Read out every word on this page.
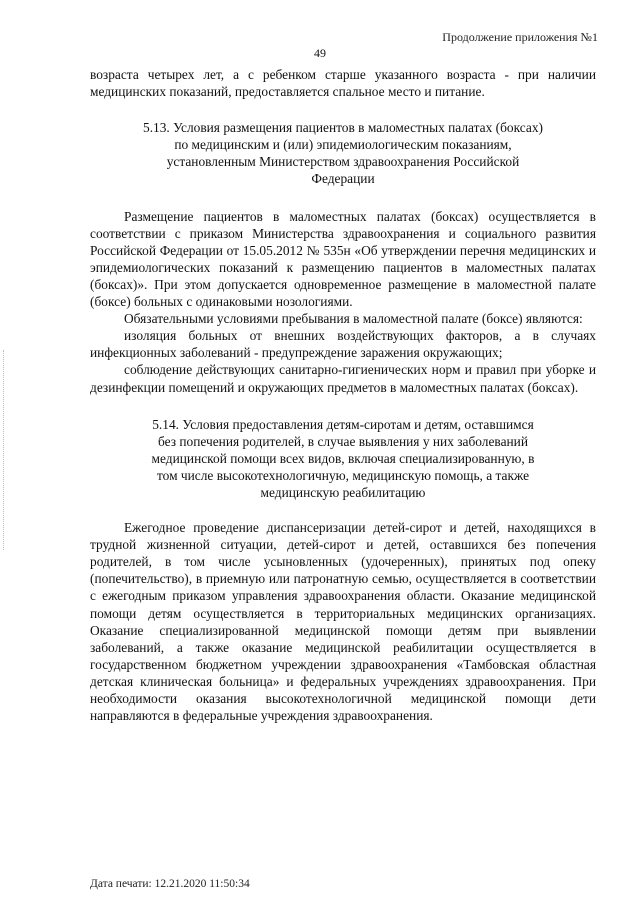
Продолжение приложения №1
49

возраста четырех лет, а с ребенком старше указанного возраста - при наличии медицинских показаний, предоставляется спальное место и питание.

5.13. Условия размещения пациентов в маломестных палатах (боксах) по медицинским и (или) эпидемиологическим показаниям, установленным Министерством здравоохранения Российской Федерации

Размещение пациентов в маломестных палатах (боксах) осуществляется в соответствии с приказом Министерства здравоохранения и социального развития Российской Федерации от 15.05.2012 № 535н «Об утверждении перечня медицинских и эпидемиологических показаний к размещению пациентов в маломестных палатах (боксах)». При этом допускается одновременное размещение в маломестной палате (боксе) больных с одинаковыми нозологиями.

Обязательными условиями пребывания в маломестной палате (боксе) являются:

изоляция больных от внешних воздействующих факторов, а в случаях инфекционных заболеваний - предупреждение заражения окружающих;

соблюдение действующих санитарно-гигиенических норм и правил при уборке и дезинфекции помещений и окружающих предметов в маломестных палатах (боксах).

5.14. Условия предоставления детям-сиротам и детям, оставшимся без попечения родителей, в случае выявления у них заболеваний медицинской помощи всех видов, включая специализированную, в том числе высокотехнологичную, медицинскую помощь, а также медицинскую реабилитацию

Ежегодное проведение диспансеризации детей-сирот и детей, находящихся в трудной жизненной ситуации, детей-сирот и детей, оставшихся без попечения родителей, в том числе усыновленных (удочеренных), принятых под опеку (попечительство), в приемную или патронатную семью, осуществляется в соответствии с ежегодным приказом управления здравоохранения области. Оказание медицинской помощи детям осуществляется в территориальных медицинских организациях. Оказание специализированной медицинской помощи детям при выявлении заболеваний, а также оказание медицинской реабилитации осуществляется в государственном бюджетном учреждении здравоохранения «Тамбовская областная детская клиническая больница» и федеральных учреждениях здравоохранения. При необходимости оказания высокотехнологичной медицинской помощи дети направляются в федеральные учреждения здравоохранения.

Дата печати: 12.21.2020 11:50:34
